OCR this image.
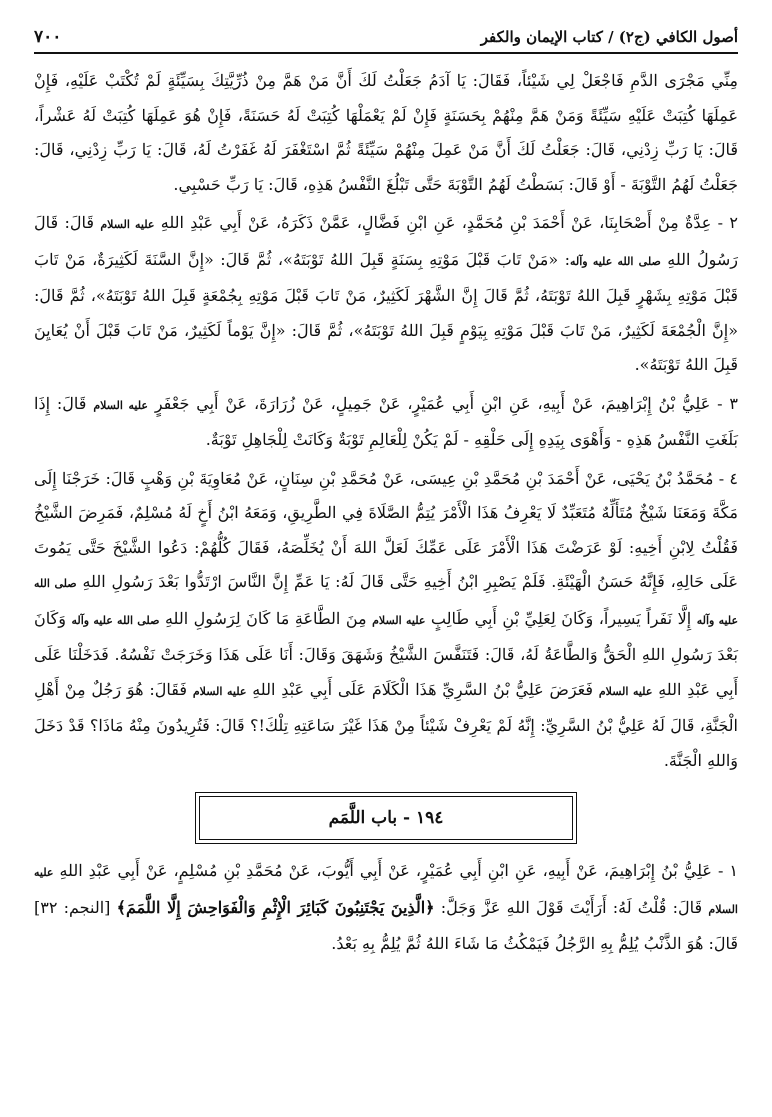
٧٠٠	أصول الكافي (ج٢) / كتاب الإيمان والكفر

مِنِّي مَجْرَى الدَّمِ فَاجْعَلْ لِي شَيْئاً، فَقَالَ: يَا آدَمُ جَعَلْتُ لَكَ أَنَّ مَنْ هَمَّ مِنْ ذُرِّيَّتِكَ بِسَيِّئَةٍ لَمْ تُكْتَبْ عَلَيْهِ، فَإِنْ عَمِلَهَا كُتِبَتْ عَلَيْهِ سَيِّئَةً وَمَنْ هَمَّ مِنْهُمْ بِحَسَنَةٍ فَإِنْ لَمْ يَعْمَلْهَا كُتِبَتْ لَهُ حَسَنَةً، فَإِنْ هُوَ عَمِلَهَا كُتِبَتْ لَهُ عَشْراً، قَالَ: يَا رَبِّ زِدْنِي، قَالَ: جَعَلْتُ لَكَ أَنَّ مَنْ عَمِلَ مِنْهُمْ سَيِّئَةً ثُمَّ اسْتَغْفَرَ لَهُ غَفَرْتُ لَهُ، قَالَ: يَا رَبِّ زِدْنِي، قَالَ: جَعَلْتُ لَهُمُ التَّوْبَةَ - أَوْ قَالَ: بَسَطْتُ لَهُمُ التَّوْبَةَ حَتَّى تَبْلُغَ النَّفْسُ هَذِهِ، قَالَ: يَا رَبِّ حَسْبِي.

٢ - عِدَّةٌ مِنْ أَصْحَابِنَا، عَنْ أَحْمَدَ بْنِ مُحَمَّدٍ، عَنِ ابْنِ فَضَّالٍ، عَمَّنْ ذَكَرَهُ، عَنْ أَبِي عَبْدِ اللهِ عليه السلام قَالَ: قَالَ رَسُولُ اللهِ صلى الله عليه وآله: «مَنْ تَابَ قَبْلَ مَوْتِهِ بِسَنَةٍ قَبِلَ اللهُ تَوْبَتَهُ»، ثُمَّ قَالَ: «إِنَّ السَّنَةَ لَكَثِيرَةٌ، مَنْ تَابَ قَبْلَ مَوْتِهِ بِشَهْرٍ قَبِلَ اللهُ تَوْبَتَهُ، ثُمَّ قَالَ إِنَّ الشَّهْرَ لَكَثِيرٌ، مَنْ تَابَ قَبْلَ مَوْتِهِ بِجُمْعَةٍ قَبِلَ اللهُ تَوْبَتَهُ»، ثُمَّ قَالَ: «إِنَّ الْجُمْعَةَ لَكَثِيرٌ، مَنْ تَابَ قَبْلَ مَوْتِهِ بِيَوْمٍ قَبِلَ اللهُ تَوْبَتَهُ»، ثُمَّ قَالَ: «إِنَّ يَوْماً لَكَثِيرٌ، مَنْ تَابَ قَبْلَ أَنْ يُعَايِنَ قَبِلَ اللهُ تَوْبَتَهُ».

٣ - عَلِيُّ بْنُ إِبْرَاهِيمَ، عَنْ أَبِيهِ، عَنِ ابْنِ أَبِي عُمَيْرٍ، عَنْ جَمِيلٍ، عَنْ زُرَارَةَ، عَنْ أَبِي جَعْفَرٍ عليه السلام قَالَ: إِذَا بَلَغَتِ النَّفْسُ هَذِهِ - وَأَهْوَى بِيَدِهِ إِلَى حَلْقِهِ - لَمْ يَكُنْ لِلْعَالِمِ تَوْبَةٌ وَكَانَتْ لِلْجَاهِلِ تَوْبَةٌ.

٤ - مُحَمَّدُ بْنُ يَحْيَى، عَنْ أَحْمَدَ بْنِ مُحَمَّدِ بْنِ عِيسَى، عَنْ مُحَمَّدِ بْنِ سِنَانٍ، عَنْ مُعَاوِيَةَ بْنِ وَهْبٍ قَالَ: خَرَجْنَا إِلَى مَكَّةَ وَمَعَنَا شَيْخٌ مُتَأَلِّهٌ مُتَعَبِّدٌ لَا يَعْرِفُ هَذَا الْأَمْرَ يُتِمُّ الصَّلَاةَ فِي الطَّرِيقِ، وَمَعَهُ ابْنُ أَخٍ لَهُ مُسْلِمٌ، فَمَرِضَ الشَّيْخُ فَقُلْتُ لِابْنِ أَخِيهِ: لَوْ عَرَضْتَ هَذَا الْأَمْرَ عَلَى عَمِّكَ لَعَلَّ اللهَ أَنْ يُخَلِّصَهُ، فَقَالَ كُلُّهُمْ: دَعُوا الشَّيْخَ حَتَّى يَمُوتَ عَلَى حَالِهِ، فَإِنَّهُ حَسَنُ الْهَيْئَةِ. فَلَمْ يَصْبِرِ ابْنُ أَخِيهِ حَتَّى قَالَ لَهُ: يَا عَمِّ إِنَّ النَّاسَ ارْتَدُّوا بَعْدَ رَسُولِ اللهِ صلى الله عليه وآله إِلَّا نَفَراً يَسِيراً، وَكَانَ لِعَلِيِّ بْنِ أَبِي طَالِبٍ عليه السلام مِنَ الطَّاعَةِ مَا كَانَ لِرَسُولِ اللهِ صلى الله عليه وآله وَكَانَ بَعْدَ رَسُولِ اللهِ الْحَقُّ وَالطَّاعَةُ لَهُ، قَالَ: فَتَنَفَّسَ الشَّيْخُ وَشَهَقَ وَقَالَ: أَنَا عَلَى هَذَا وَخَرَجَتْ نَفْسُهُ. فَدَخَلْنَا عَلَى أَبِي عَبْدِ اللهِ عليه السلام فَعَرَضَ عَلِيُّ بْنُ السَّرِيِّ هَذَا الْكَلَامَ عَلَى أَبِي عَبْدِ اللهِ عليه السلام فَقَالَ: هُوَ رَجُلٌ مِنْ أَهْلِ الْجَنَّةِ، قَالَ لَهُ عَلِيُّ بْنُ السَّرِيِّ: إِنَّهُ لَمْ يَعْرِفْ شَيْئاً مِنْ هَذَا غَيْرَ سَاعَتِهِ تِلْكَ!؟ قَالَ: فَتُرِيدُونَ مِنْهُ مَاذَا؟ قَدْ دَخَلَ وَاللهِ الْجَنَّةَ.

١٩٤ - باب اللَّمَم

١ - عَلِيُّ بْنُ إِبْرَاهِيمَ، عَنْ أَبِيهِ، عَنِ ابْنِ أَبِي عُمَيْرٍ، عَنْ أَبِي أَيُّوبَ، عَنْ مُحَمَّدِ بْنِ مُسْلِمٍ، عَنْ أَبِي عَبْدِ اللهِ عليه السلام قَالَ: قُلْتُ لَهُ: أَرَأَيْتَ قَوْلَ اللهِ عَزَّ وَجَلَّ: ﴿الَّذِينَ يَجْتَنِبُونَ كَبَائِرَ الْإِثْمِ وَالْفَوَاحِشَ إِلَّا اللَّمَمَ﴾ [النجم: ٣٢] قَالَ: هُوَ الذَّنْبُ يُلِمُّ بِهِ الرَّجُلُ فَيَمْكُثُ مَا شَاءَ اللهُ ثُمَّ يُلِمُّ بِهِ بَعْدُ.
